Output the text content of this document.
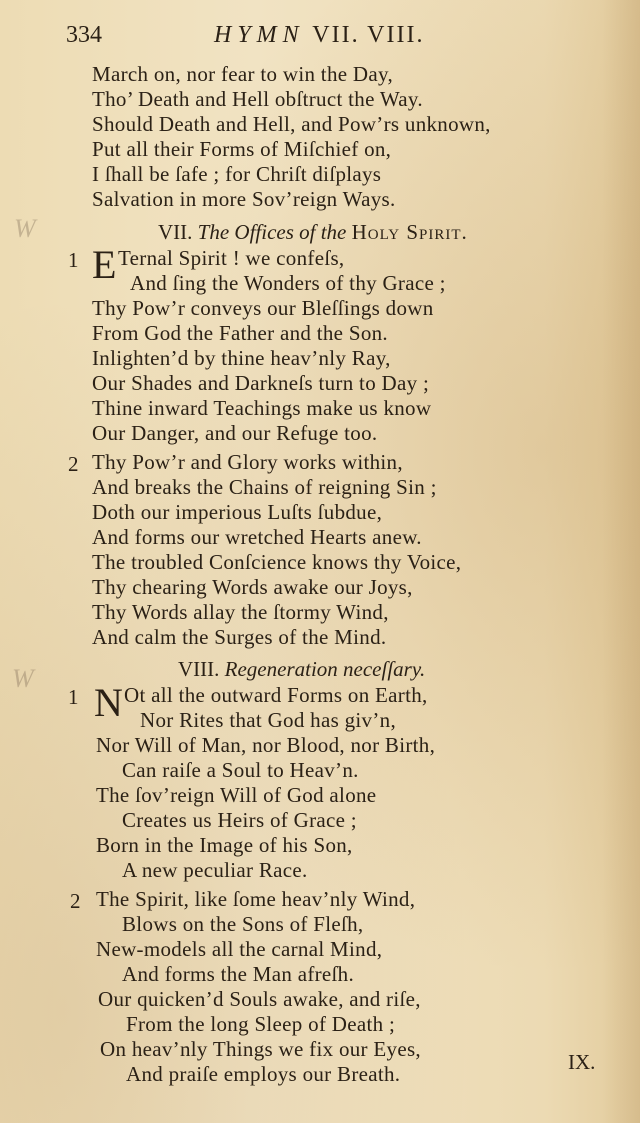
W
W
334	HYMN VII. VIII.
March on, nor fear to win the Day,
Tho’ Death and Hell obſtruct the Way.
Should Death and Hell, and Pow’rs unknown,
Put all their Forms of Miſchief on,
I ſhall be ſafe ; for Chriſt diſplays
Salvation in more Sov’reign Ways.
VII. The Offices of the Holy Spirit.
1 E Ternal Spirit ! we confeſs,
And ſing the Wonders of thy Grace ;
Thy Pow’r conveys our Bleſſings down
From God the Father and the Son.
Inlighten’d by thine heav’nly Ray,
Our Shades and Darkneſs turn to Day ;
Thine inward Teachings make us know
Our Danger, and our Refuge too.
2 Thy Pow’r and Glory works within,
And breaks the Chains of reigning Sin ;
Doth our imperious Luſts ſubdue,
And forms our wretched Hearts anew.
The troubled Conſcience knows thy Voice,
Thy chearing Words awake our Joys,
Thy Words allay the ſtormy Wind,
And calm the Surges of the Mind.
VIII. Regeneration neceſſary.
1 N Ot all the outward Forms on Earth,
Nor Rites that God has giv’n,
Nor Will of Man, nor Blood, nor Birth,
Can raiſe a Soul to Heav’n.
The ſov’reign Will of God alone
Creates us Heirs of Grace ;
Born in the Image of his Son,
A new peculiar Race.
2 The Spirit, like ſome heav’nly Wind,
Blows on the Sons of Fleſh,
New-models all the carnal Mind,
And forms the Man afreſh.
Our quicken’d Souls awake, and riſe,
From the long Sleep of Death ;
On heav’nly Things we fix our Eyes,
And praiſe employs our Breath.	IX.
